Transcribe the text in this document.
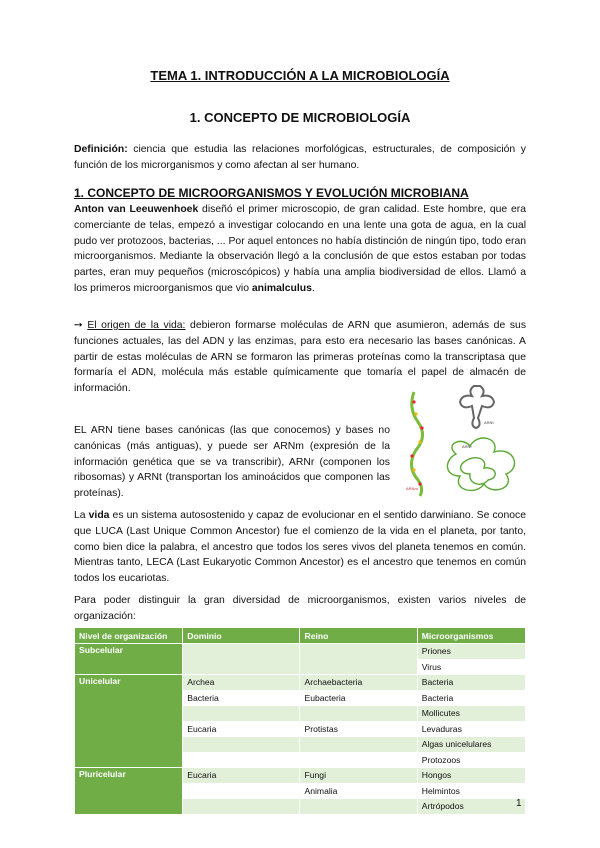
TEMA 1. INTRODUCCIÓN A LA MICROBIOLOGÍA
1. CONCEPTO DE MICROBIOLOGÍA

Definición: ciencia que estudia las relaciones morfológicas, estructurales, de composición y función de los microrganismos y como afectan al ser humano.

1. CONCEPTO DE MICROORGANISMOS Y EVOLUCIÓN MICROBIANA

Anton van Leeuwenhoek diseñó el primer microscopio, de gran calidad. Este hombre, que era comerciante de telas, empezó a investigar colocando en una lente una gota de agua, en la cual pudo ver protozoos, bacterias, ... Por aquel entonces no había distinción de ningún tipo, todo eran microorganismos. Mediante la observación llegó a la conclusión de que estos estaban por todas partes, eran muy pequeños (microscópicos) y había una amplia biodiversidad de ellos. Llamó a los primeros microorganismos que vio animalculus.

➙ El origen de la vida: debieron formarse moléculas de ARN que asumieron, además de sus funciones actuales, las del ADN y las enzimas, para esto era necesario las bases canónicas. A partir de estas moléculas de ARN se formaron las primeras proteínas como la transcriptasa que formaría el ADN, molécula más estable químicamente que tomaría el papel de almacén de información.

EL ARN tiene bases canónicas (las que conocemos) y bases no canónicas (más antiguas), y puede ser ARNm (expresión de la información genética que se va transcribir), ARNr (componen los ribosomas) y ARNt (transportan los aminoácidos que componen las proteínas).	ARNm
ARNt
ARNr

La vida es un sistema autosostenido y capaz de evolucionar en el sentido darwiniano. Se conoce que LUCA (Last Unique Common Ancestor) fue el comienzo de la vida en el planeta, por tanto, como bien dice la palabra, el ancestro que todos los seres vivos del planeta tenemos en común. Mientras tanto, LECA (Last Eukaryotic Common Ancestor) es el ancestro que tenemos en común todos los eucariotas.

Para poder distinguir la gran diversidad de microorganismos, existen varios niveles de organización:

Nivel de organización	Dominio	Reino	Microorganismos
Subcelular			Priones
			Virus
Unicelular	Archea	Archaebacteria	Bacteria
	Bacteria	Eubacteria	Bacteria
			Mollicutes
	Eucaria	Protistas	Levaduras
			Algas unicelulares
			Protozoos
Pluricelular	Eucaria	Fungi	Hongos
		Animalia	Helmintos
			Artrópodos	1
